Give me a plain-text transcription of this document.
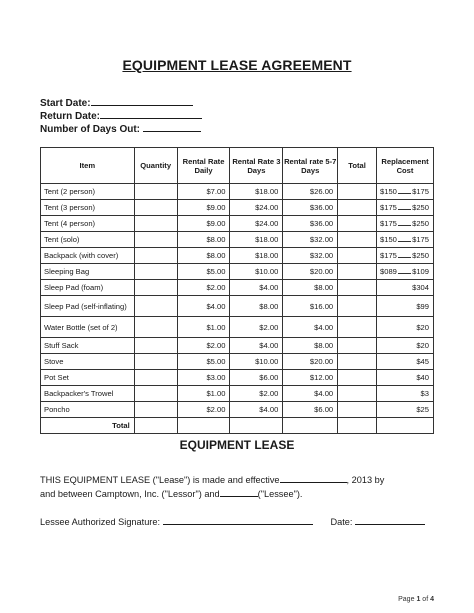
EQUIPMENT LEASE AGREEMENT
Start Date:
Return Date:
Number of Days Out:
Item	Quantity	Rental Rate Daily	Rental Rate 3 Days	Rental rate 5-7 Days	Total	Replacement Cost
Tent (2 person)		$7.00	$18.00	$26.00		$150 $175

Tent (3 person)		$9.00	$24.00	$36.00		$175 $250

Tent (4 person)		$9.00	$24.00	$36.00		$175 $250

Tent (solo)		$8.00	$18.00	$32.00		$150 $175

Backpack (with cover)		$8.00	$18.00	$32.00		$175 $250

Sleeping Bag		$5.00	$10.00	$20.00		$089 $109

Sleep Pad (foam)		$2.00	$4.00	$8.00		$304
Sleep Pad (self-inflating)		$4.00	$8.00	$16.00		$99
Water Bottle (set of 2)		$1.00	$2.00	$4.00		$20
Stuff Sack		$2.00	$4.00	$8.00		$20
Stove		$5.00	$10.00	$20.00		$45
Pot Set		$3.00	$6.00	$12.00		$40
Backpacker's Trowel		$1.00	$2.00	$4.00		$3
Poncho		$2.00	$4.00	$6.00		$25
Total						
EQUIPMENT LEASE
THIS EQUIPMENT LEASE ("Lease") is made and effective	, 2013 by
and between Camptown, Inc. ("Lessor") and	("Lessee").
Lessee Authorized Signature:	Date:
Page 1 of 4
